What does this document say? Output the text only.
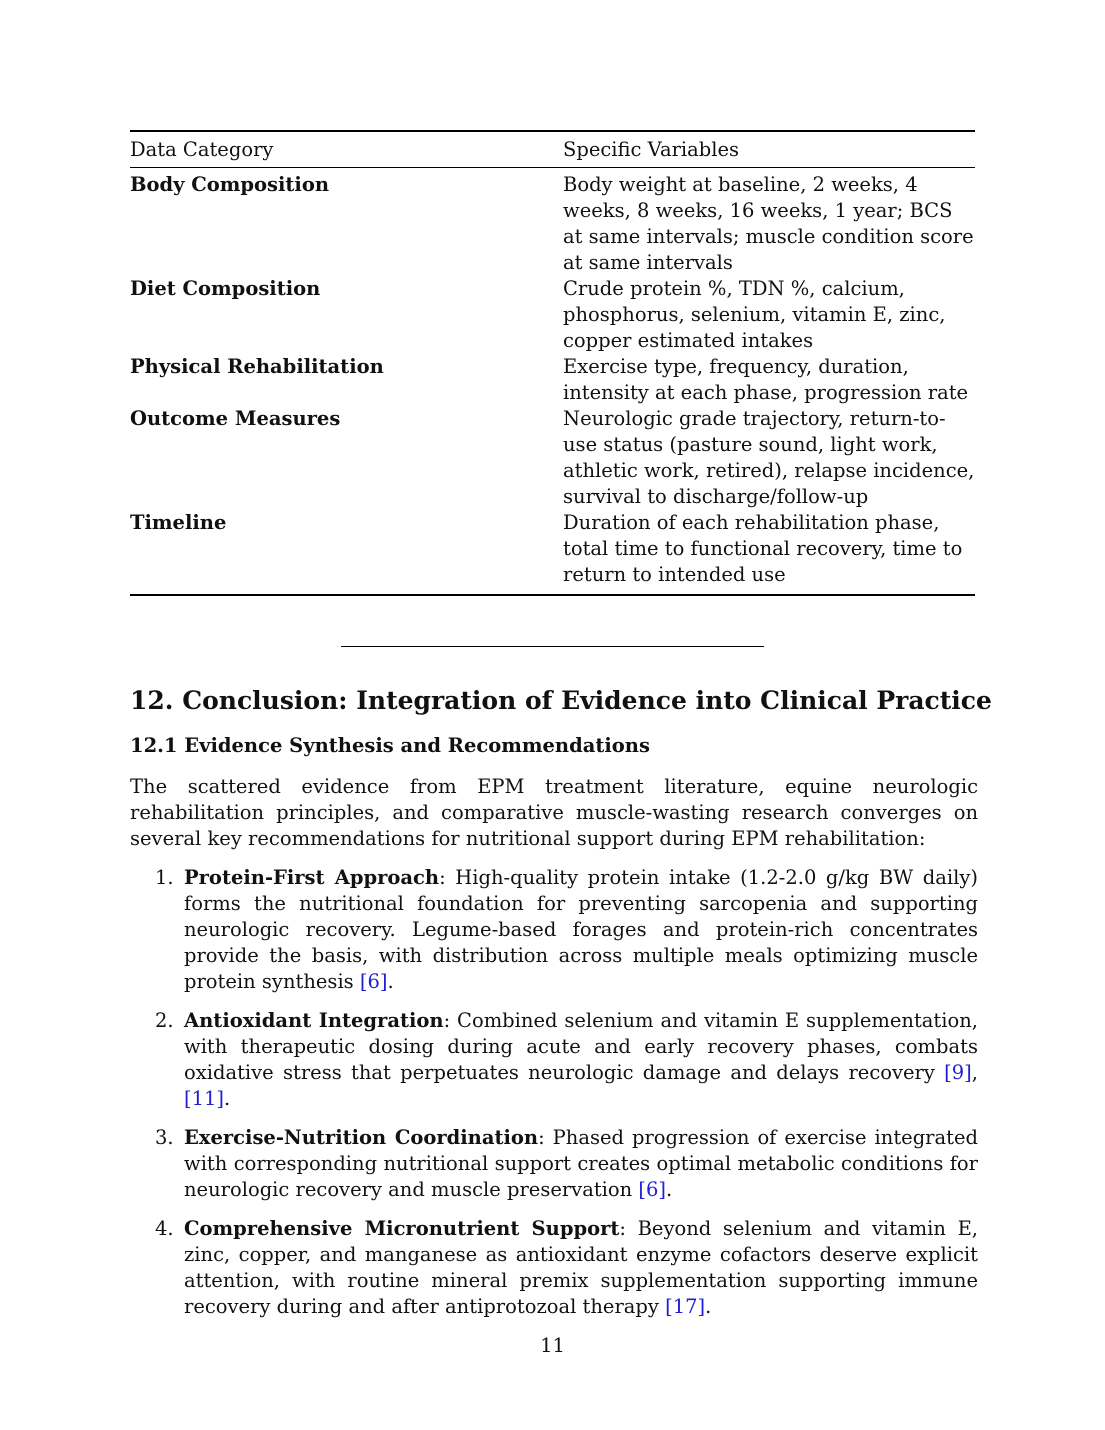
Data Category	Specific Variables
Body Composition	Body weight at baseline, 2 weeks, 4 weeks, 8 weeks, 16 weeks, 1 year; BCS at same intervals; muscle condition score at same intervals
Diet Composition	Crude protein %, TDN %, calcium, phosphorus, selenium, vitamin E, zinc, copper estimated intakes
Physical Rehabilitation	Exercise type, frequency, duration, intensity at each phase, progression rate
Outcome Measures	Neurologic grade trajectory, return-to-use status (pasture sound, light work, athletic work, retired), relapse incidence, survival to discharge/follow-up
Timeline	Duration of each rehabilitation phase, total time to functional recovery, time to return to intended use
12. Conclusion: Integration of Evidence into Clinical Practice
12.1 Evidence Synthesis and Recommendations

The scattered evidence from EPM treatment literature, equine neurologic rehabilitation principles, and comparative muscle-wasting research converges on several key recommendations for nutritional support during EPM rehabilitation:

1. Protein-First Approach: High-quality protein intake (1.2-2.0 g/kg BW daily) forms the nutritional foundation for preventing sarcopenia and supporting neurologic recovery. Legume-based forages and protein-rich concentrates provide the basis, with distribution across multiple meals optimizing muscle protein synthesis [6].
2. Antioxidant Integration: Combined selenium and vitamin E supplementation, with therapeutic dosing during acute and early recovery phases, combats oxidative stress that perpetuates neurologic damage and delays recovery [9], [11].
3. Exercise-Nutrition Coordination: Phased progression of exercise integrated with corresponding nutritional support creates optimal metabolic conditions for neurologic recovery and muscle preservation [6].
4. Comprehensive Micronutrient Support: Beyond selenium and vitamin E, zinc, copper, and manganese as antioxidant enzyme cofactors deserve explicit attention, with routine mineral premix supplementation supporting immune recovery during and after antiprotozoal therapy [17].
11
